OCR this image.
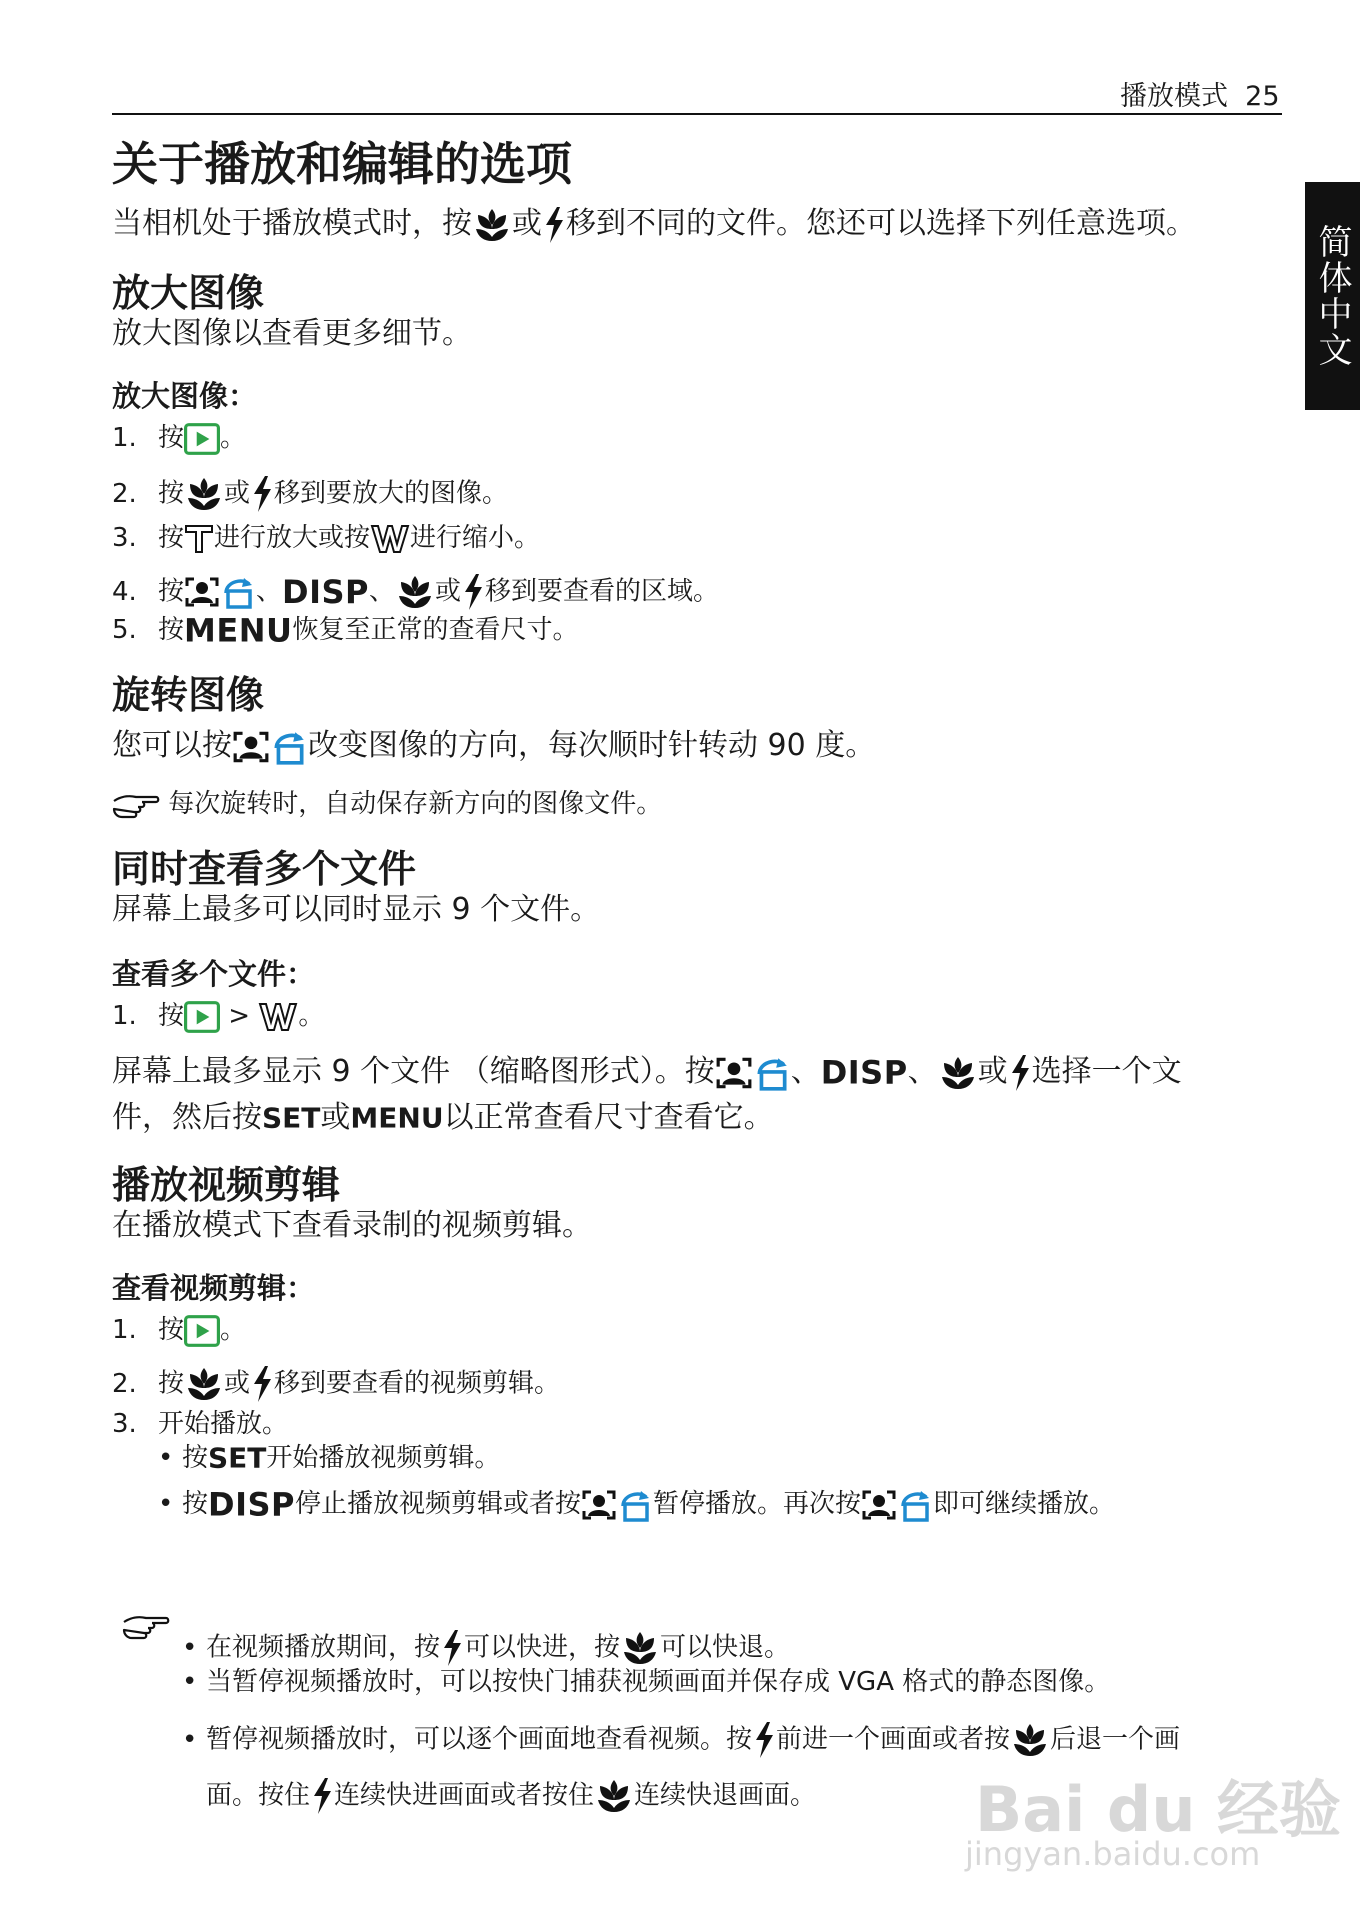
播放模式 25
简体中文
关于播放和编辑的选项
当相机处于播放模式时，按 或 移到不同的文件。您还可以选择下列任意选项。
放大图像
放大图像以查看更多细节。
放大图像：
1. 按 。
2. 按 或 移到要放大的图像。
3. 按 进行放大或按 进行缩小。
4. 按	、DISP、 或 移到要查看的区域。
5. 按MENU恢复至正常的查看尺寸。
旋转图像
您可以按	改变图像的方向，每次顺时针转动 90 度。
每次旋转时，自动保存新方向的图像文件。
同时查看多个文件
屏幕上最多可以同时显示 9 个文件。
查看多个文件：
1. 按 > 。
屏幕上最多显示 9 个文件 （缩略图形式）。按	、DISP、 或 选择一个文
件，然后按SET或MENU以正常查看尺寸查看它。
播放视频剪辑
在播放模式下查看录制的视频剪辑。
查看视频剪辑：
1. 按 。
2. 按 或 移到要查看的视频剪辑。
3. 开始播放。
• 按SET开始播放视频剪辑。
• 按DISP停止播放视频剪辑或者按	暂停播放。再次按	即可继续播放。
• 在视频播放期间，按 可以快进，按 可以快退。
• 当暂停视频播放时，可以按快门捕获视频画面并保存成 VGA 格式的静态图像。
• 暂停视频播放时，可以逐个画面地查看视频。按 前进一个画面或者按 后退一个画
面。按住 连续快进画面或者按住 连续快退画面。	Bai du 经验
jingyan.baidu.com
